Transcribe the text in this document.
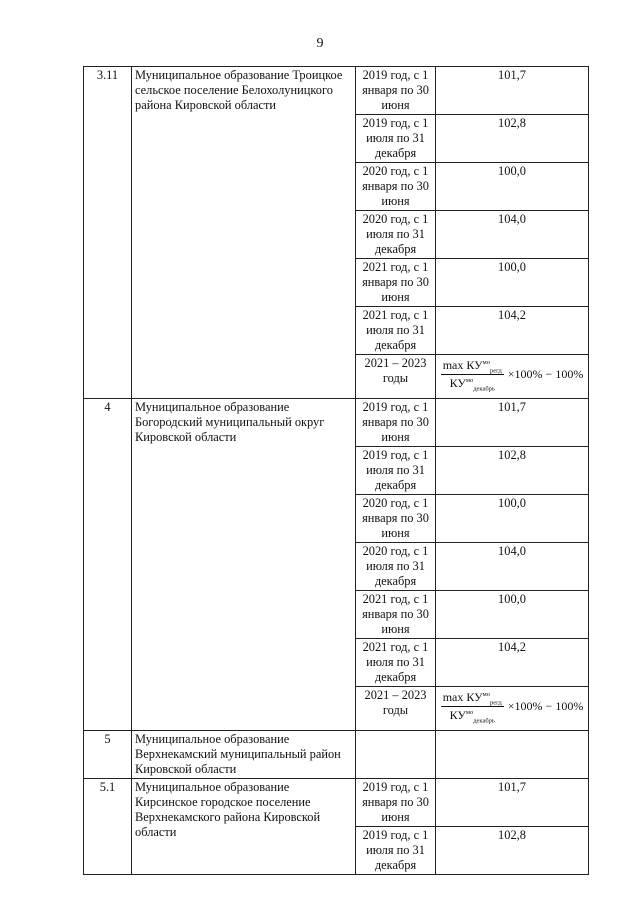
9
3.11	Муниципальное образование Троицкое сельское поселение Белохолуницкого района Кировской области	2019 год, с 1 января по 30 июня	101,7
		2019 год, с 1 июля по 31 декабря	102,8
		2020 год, с 1 января по 30 июня	100,0
		2020 год, с 1 июля по 31 декабря	104,0
		2021 год, с 1 января по 30 июня	100,0
		2021 год, с 1 июля по 31 декабря	104,2
		2021 – 2023 годы	$\frac{\max КУ^{мо}_{регд}}{КУ^{мо}_{декабрь}} \times 100\% - 100\%$

4	Муниципальное образование Богородский муниципальный округ Кировской области	2019 год, с 1 января по 30 июня	101,7
		2019 год, с 1 июля по 31 декабря	102,8
		2020 год, с 1 января по 30 июня	100,0
		2020 год, с 1 июля по 31 декабря	104,0
		2021 год, с 1 января по 30 июня	100,0
		2021 год, с 1 июля по 31 декабря	104,2
		2021 – 2023 годы	$\frac{\max КУ^{мо}_{регд}}{КУ^{мо}_{декабрь}} \times 100\% - 100\%$

5	Муниципальное образование Верхнекамский муниципальный район Кировской области		
5.1	Муниципальное образование Кирсинское городское поселение Верхнекамского района Кировской области	2019 год, с 1 января по 30 июня	101,7
		2019 год, с 1 июля по 31 декабря	102,8
